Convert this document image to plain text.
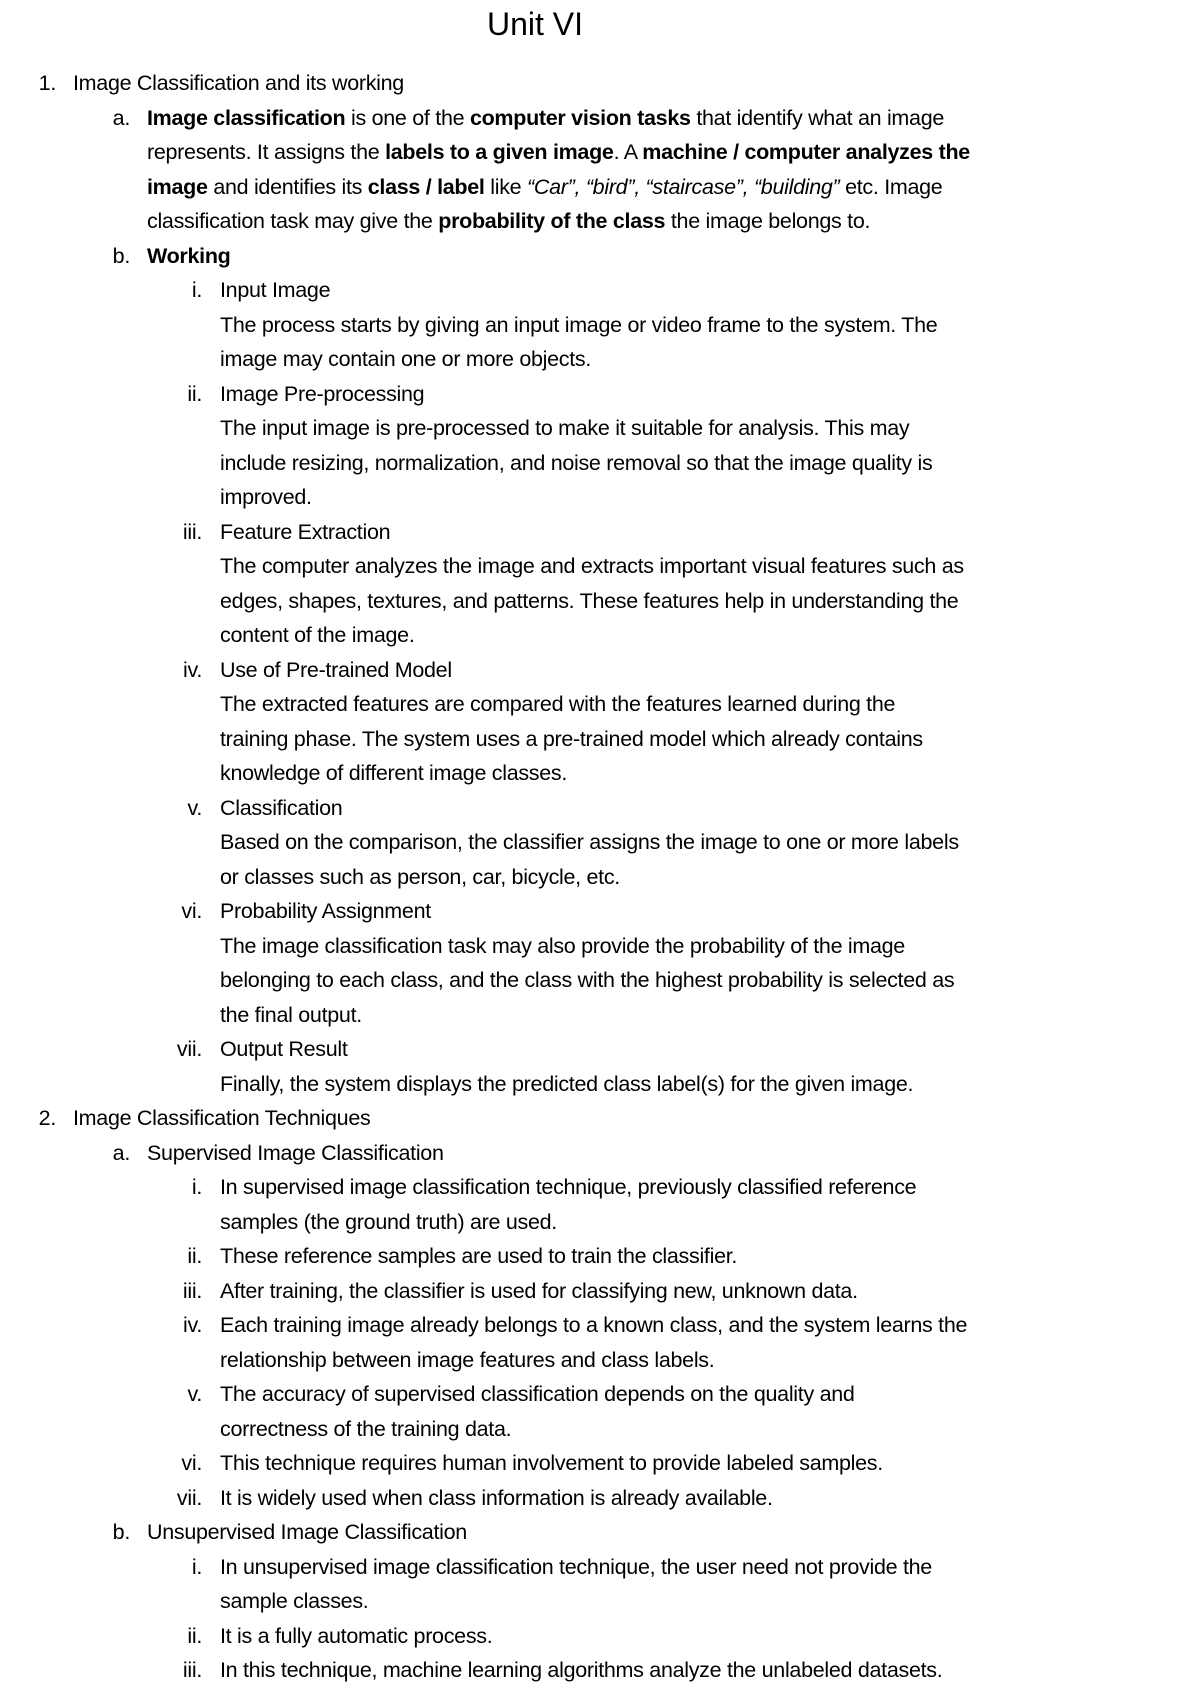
Unit VI
1. Image Classification and its working
a. Image classification is one of the computer vision tasks that identify what an image
represents. It assigns the labels to a given image. A machine / computer analyzes the
image and identifies its class / label like “Car”, “bird”, “staircase”, “building” etc. Image
classification task may give the probability of the class the image belongs to.
b. Working
i. Input Image
The process starts by giving an input image or video frame to the system. The
image may contain one or more objects.
ii. Image Pre-processing
The input image is pre-processed to make it suitable for analysis. This may
include resizing, normalization, and noise removal so that the image quality is
improved.
iii. Feature Extraction
The computer analyzes the image and extracts important visual features such as
edges, shapes, textures, and patterns. These features help in understanding the
content of the image.
iv. Use of Pre-trained Model
The extracted features are compared with the features learned during the
training phase. The system uses a pre-trained model which already contains
knowledge of different image classes.
v. Classification
Based on the comparison, the classifier assigns the image to one or more labels
or classes such as person, car, bicycle, etc.
vi. Probability Assignment
The image classification task may also provide the probability of the image
belonging to each class, and the class with the highest probability is selected as
the final output.
vii. Output Result
Finally, the system displays the predicted class label(s) for the given image.
2. Image Classification Techniques
a. Supervised Image Classification
i. In supervised image classification technique, previously classified reference
samples (the ground truth) are used.
ii. These reference samples are used to train the classifier.
iii. After training, the classifier is used for classifying new, unknown data.
iv. Each training image already belongs to a known class, and the system learns the
relationship between image features and class labels.
v. The accuracy of supervised classification depends on the quality and
correctness of the training data.
vi. This technique requires human involvement to provide labeled samples.
vii. It is widely used when class information is already available.
b. Unsupervised Image Classification
i. In unsupervised image classification technique, the user need not provide the
sample classes.
ii. It is a fully automatic process.
iii. In this technique, machine learning algorithms analyze the unlabeled datasets.
